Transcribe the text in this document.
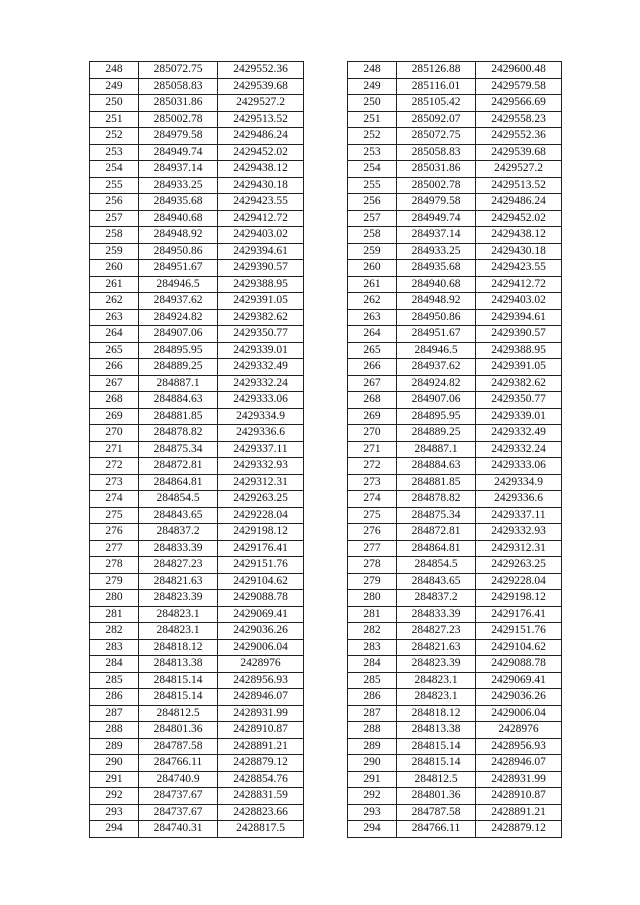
248	285072.75	2429552.36
249	285058.83	2429539.68
250	285031.86	2429527.2
251	285002.78	2429513.52
252	284979.58	2429486.24
253	284949.74	2429452.02
254	284937.14	2429438.12
255	284933.25	2429430.18
256	284935.68	2429423.55
257	284940.68	2429412.72
258	284948.92	2429403.02
259	284950.86	2429394.61
260	284951.67	2429390.57
261	284946.5	2429388.95
262	284937.62	2429391.05
263	284924.82	2429382.62
264	284907.06	2429350.77
265	284895.95	2429339.01
266	284889.25	2429332.49
267	284887.1	2429332.24
268	284884.63	2429333.06
269	284881.85	2429334.9
270	284878.82	2429336.6
271	284875.34	2429337.11
272	284872.81	2429332.93
273	284864.81	2429312.31
274	284854.5	2429263.25
275	284843.65	2429228.04
276	284837.2	2429198.12
277	284833.39	2429176.41
278	284827.23	2429151.76
279	284821.63	2429104.62
280	284823.39	2429088.78
281	284823.1	2429069.41
282	284823.1	2429036.26
283	284818.12	2429006.04
284	284813.38	2428976
285	284815.14	2428956.93
286	284815.14	2428946.07
287	284812.5	2428931.99
288	284801.36	2428910.87
289	284787.58	2428891.21
290	284766.11	2428879.12
291	284740.9	2428854.76
292	284737.67	2428831.59
293	284737.67	2428823.66
294	284740.31	2428817.5
248	285126.88	2429600.48
249	285116.01	2429579.58
250	285105.42	2429566.69
251	285092.07	2429558.23
252	285072.75	2429552.36
253	285058.83	2429539.68
254	285031.86	2429527.2
255	285002.78	2429513.52
256	284979.58	2429486.24
257	284949.74	2429452.02
258	284937.14	2429438.12
259	284933.25	2429430.18
260	284935.68	2429423.55
261	284940.68	2429412.72
262	284948.92	2429403.02
263	284950.86	2429394.61
264	284951.67	2429390.57
265	284946.5	2429388.95
266	284937.62	2429391.05
267	284924.82	2429382.62
268	284907.06	2429350.77
269	284895.95	2429339.01
270	284889.25	2429332.49
271	284887.1	2429332.24
272	284884.63	2429333.06
273	284881.85	2429334.9
274	284878.82	2429336.6
275	284875.34	2429337.11
276	284872.81	2429332.93
277	284864.81	2429312.31
278	284854.5	2429263.25
279	284843.65	2429228.04
280	284837.2	2429198.12
281	284833.39	2429176.41
282	284827.23	2429151.76
283	284821.63	2429104.62
284	284823.39	2429088.78
285	284823.1	2429069.41
286	284823.1	2429036.26
287	284818.12	2429006.04
288	284813.38	2428976
289	284815.14	2428956.93
290	284815.14	2428946.07
291	284812.5	2428931.99
292	284801.36	2428910.87
293	284787.58	2428891.21
294	284766.11	2428879.12
